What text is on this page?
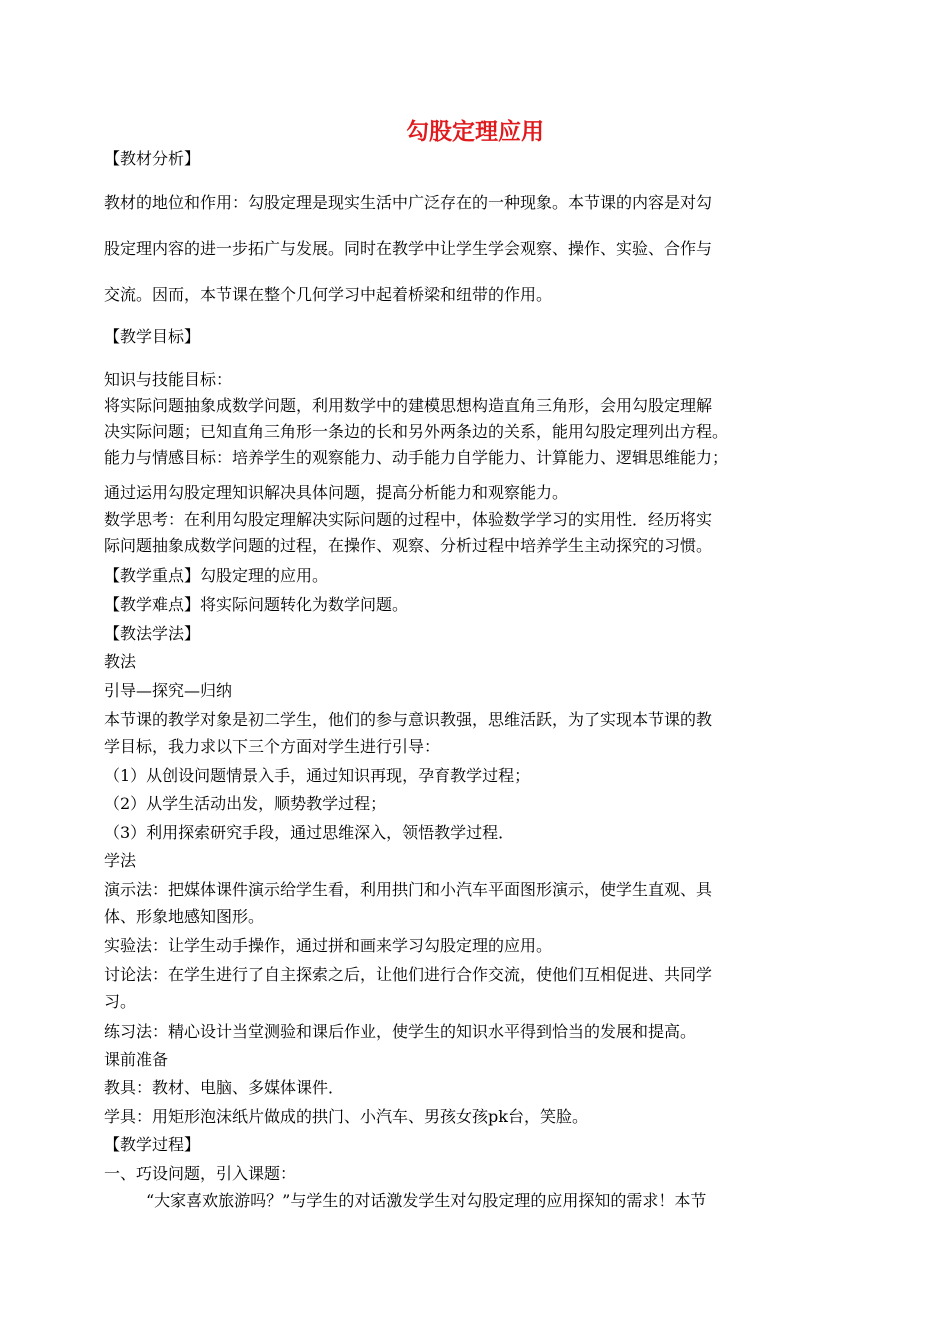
勾股定理应用
【教材分析】
教材的地位和作用：勾股定理是现实生活中广泛存在的一种现象。本节课的内容是对勾
股定理内容的进一步拓广与发展。同时在教学中让学生学会观察、操作、实验、合作与
交流。因而，本节课在整个几何学习中起着桥梁和纽带的作用。
【教学目标】
知识与技能目标：
将实际问题抽象成数学问题，利用数学中的建模思想构造直角三角形，会用勾股定理解
决实际问题；已知直角三角形一条边的长和另外两条边的关系，能用勾股定理列出方程。
能力与情感目标：培养学生的观察能力、动手能力自学能力、计算能力、逻辑思维能力；
通过运用勾股定理知识解决具体问题，提高分析能力和观察能力。
数学思考：在利用勾股定理解决实际问题的过程中，体验数学学习的实用性．经历将实
际问题抽象成数学问题的过程，在操作、观察、分析过程中培养学生主动探究的习惯。
【教学重点】勾股定理的应用。
【教学难点】将实际问题转化为数学问题。
【教法学法】
教法
引导—探究—归纳
本节课的教学对象是初二学生，他们的参与意识教强，思维活跃，为了实现本节课的教
学目标，我力求以下三个方面对学生进行引导：
（1）从创设问题情景入手，通过知识再现，孕育教学过程；
（2）从学生活动出发，顺势教学过程；
（3）利用探索研究手段，通过思维深入，领悟教学过程．
学法
演示法：把媒体课件演示给学生看，利用拱门和小汽车平面图形演示，使学生直观、具
体、形象地感知图形。
实验法：让学生动手操作，通过拼和画来学习勾股定理的应用。
讨论法：在学生进行了自主探索之后，让他们进行合作交流，使他们互相促进、共同学
习。
练习法：精心设计当堂测验和课后作业，使学生的知识水平得到恰当的发展和提高。
课前准备
教具：教材、电脑、多媒体课件．
学具：用矩形泡沫纸片做成的拱门、小汽车、男孩女孩pk台，笑脸。
【教学过程】
一、巧设问题，引入课题：
“大家喜欢旅游吗？”与学生的对话激发学生对勾股定理的应用探知的需求！本节
